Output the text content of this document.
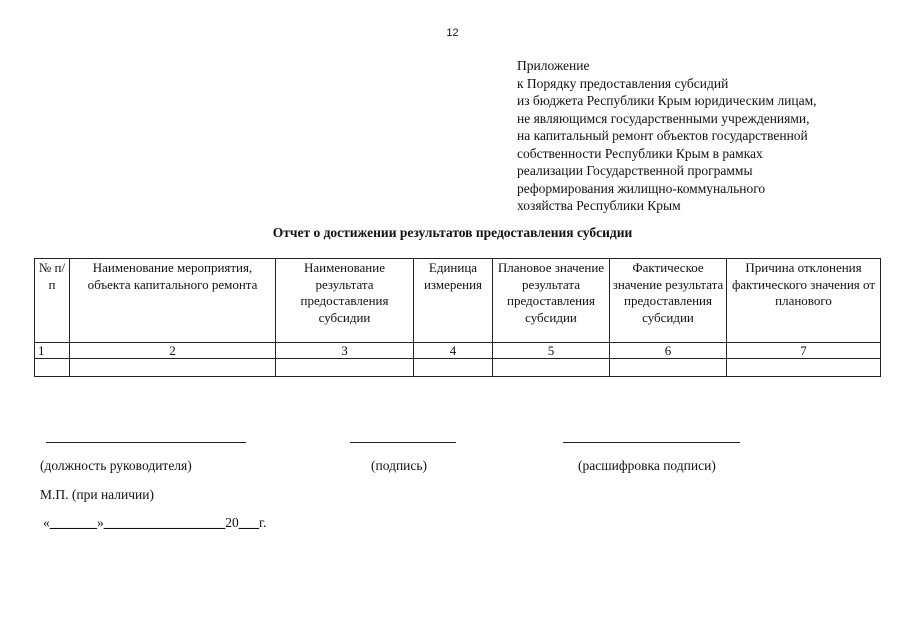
12
Приложение
к Порядку предоставления субсидий
из бюджета Республики Крым юридическим лицам,
не являющимся государственными учреждениями,
на капитальный ремонт объектов государственной
собственности Республики Крым в рамках
реализации Государственной программы
реформирования жилищно-коммунального
хозяйства Республики Крым
Отчет о достижении результатов предоставления субсидии
№ п/п	Наименование мероприятия, объекта капитального ремонта	Наименование результата предоставления субсидии	Единица измерения	Плановое значение результата предоставления субсидии	Фактическое значение результата предоставления субсидии	Причина отклонения фактического значения от планового
1	2	3	4	5	6	7

(должность руководителя)	(подпись)	(расшифровка подписи)
М.П. (при наличии)
«_______»__________________20___г.
